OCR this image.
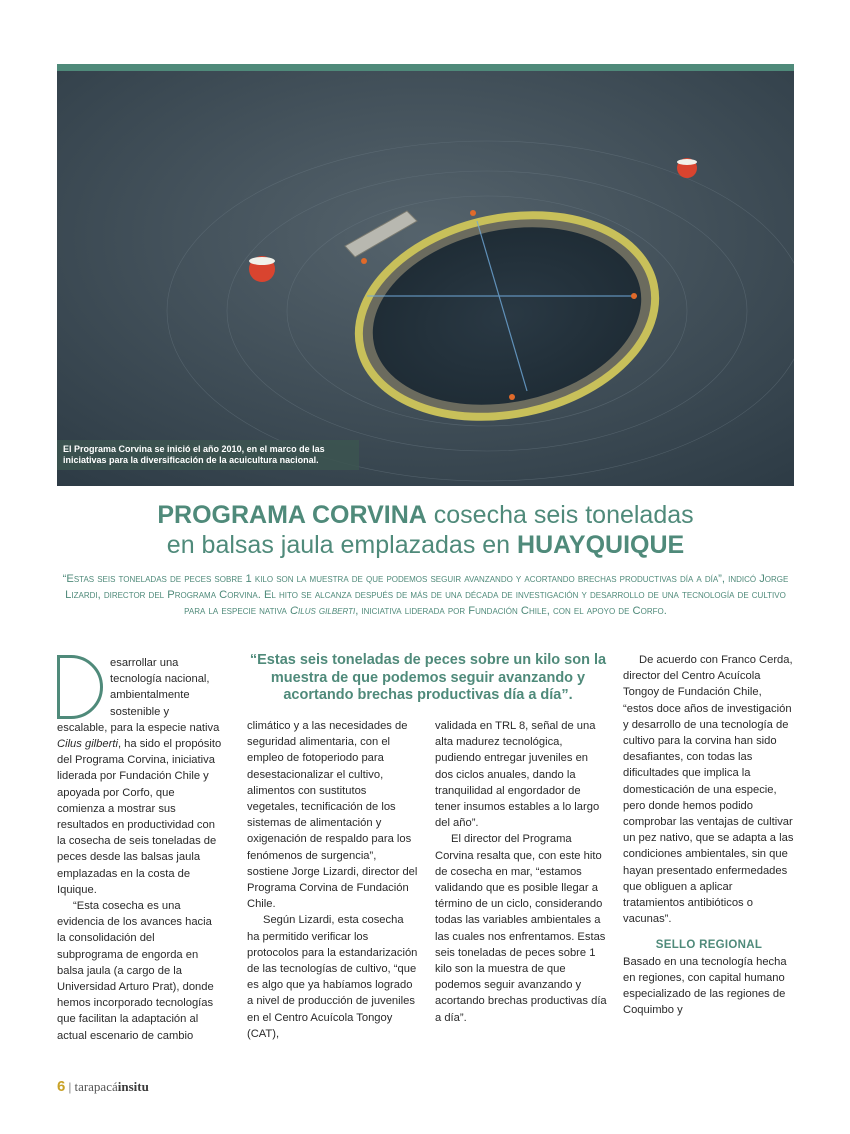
El Programa Corvina se inició el año 2010, en el marco de las iniciativas para la diversificación de la acuicultura nacional.
PROGRAMA CORVINA cosecha seis toneladas
en balsas jaula emplazadas en HUAYQUIQUE
“Estas seis toneladas de peces sobre 1 kilo son la muestra de que podemos seguir avanzando y acortando brechas productivas día a día”, indicó Jorge Lizardi, director del Programa Corvina. El hito se alcanza después de más de una década de investigación y desarrollo de una tecnología de cultivo para la especie nativa Cilus gilberti, iniciativa liderada por Fundación Chile, con el apoyo de Corfo.

esarrollar una tecnología nacional, ambientalmente sostenible y escalable, para la especie nativa Cilus gilberti, ha sido el propósito del Programa Corvina, iniciativa liderada por Fundación Chile y apoyada por Corfo, que comienza a mostrar sus resultados en productividad con la cosecha de seis toneladas de peces desde las balsas jaula emplazadas en la costa de Iquique.

“Esta cosecha es una evidencia de los avances hacia la consolidación del subprograma de engorda en balsa jaula (a cargo de la Universidad Arturo Prat), donde hemos incorporado tecnologías que facilitan la adaptación al actual escenario de cambio

“Estas seis toneladas de peces sobre un kilo son la muestra de que podemos seguir avanzando y acortando brechas productivas día a día”.

climático y a las necesidades de seguridad alimentaria, con el empleo de fotoperiodo para desestacionalizar el cultivo, alimentos con sustitutos vegetales, tecnificación de los sistemas de alimentación y oxigenación de respaldo para los fenómenos de surgencia”, sostiene Jorge Lizardi, director del Programa Corvina de Fundación Chile.

Según Lizardi, esta cosecha ha permitido verificar los protocolos para la estandarización de las tecnologías de cultivo, “que es algo que ya habíamos logrado a nivel de producción de juveniles en el Centro Acuícola Tongoy (CAT),

validada en TRL 8, señal de una alta madurez tecnológica, pudiendo entregar juveniles en dos ciclos anuales, dando la tranquilidad al engordador de tener insumos estables a lo largo del año”.

El director del Programa Corvina resalta que, con este hito de cosecha en mar, “estamos validando que es posible llegar a término de un ciclo, considerando todas las variables ambientales a las cuales nos enfrentamos. Estas seis toneladas de peces sobre 1 kilo son la muestra de que podemos seguir avanzando y acortando brechas productivas día a día”.

De acuerdo con Franco Cerda, director del Centro Acuícola Tongoy de Fundación Chile, “estos doce años de investigación y desarrollo de una tecnología de cultivo para la corvina han sido desafiantes, con todas las dificultades que implica la domesticación de una especie, pero donde hemos podido comprobar las ventajas de cultivar un pez nativo, que se adapta a las condiciones ambientales, sin que hayan presentado enfermedades que obliguen a aplicar tratamientos antibióticos o vacunas”.

SELLO REGIONAL

Basado en una tecnología hecha en regiones, con capital humano especializado de las regiones de Coquimbo y

6 | tarapacáinsitu
